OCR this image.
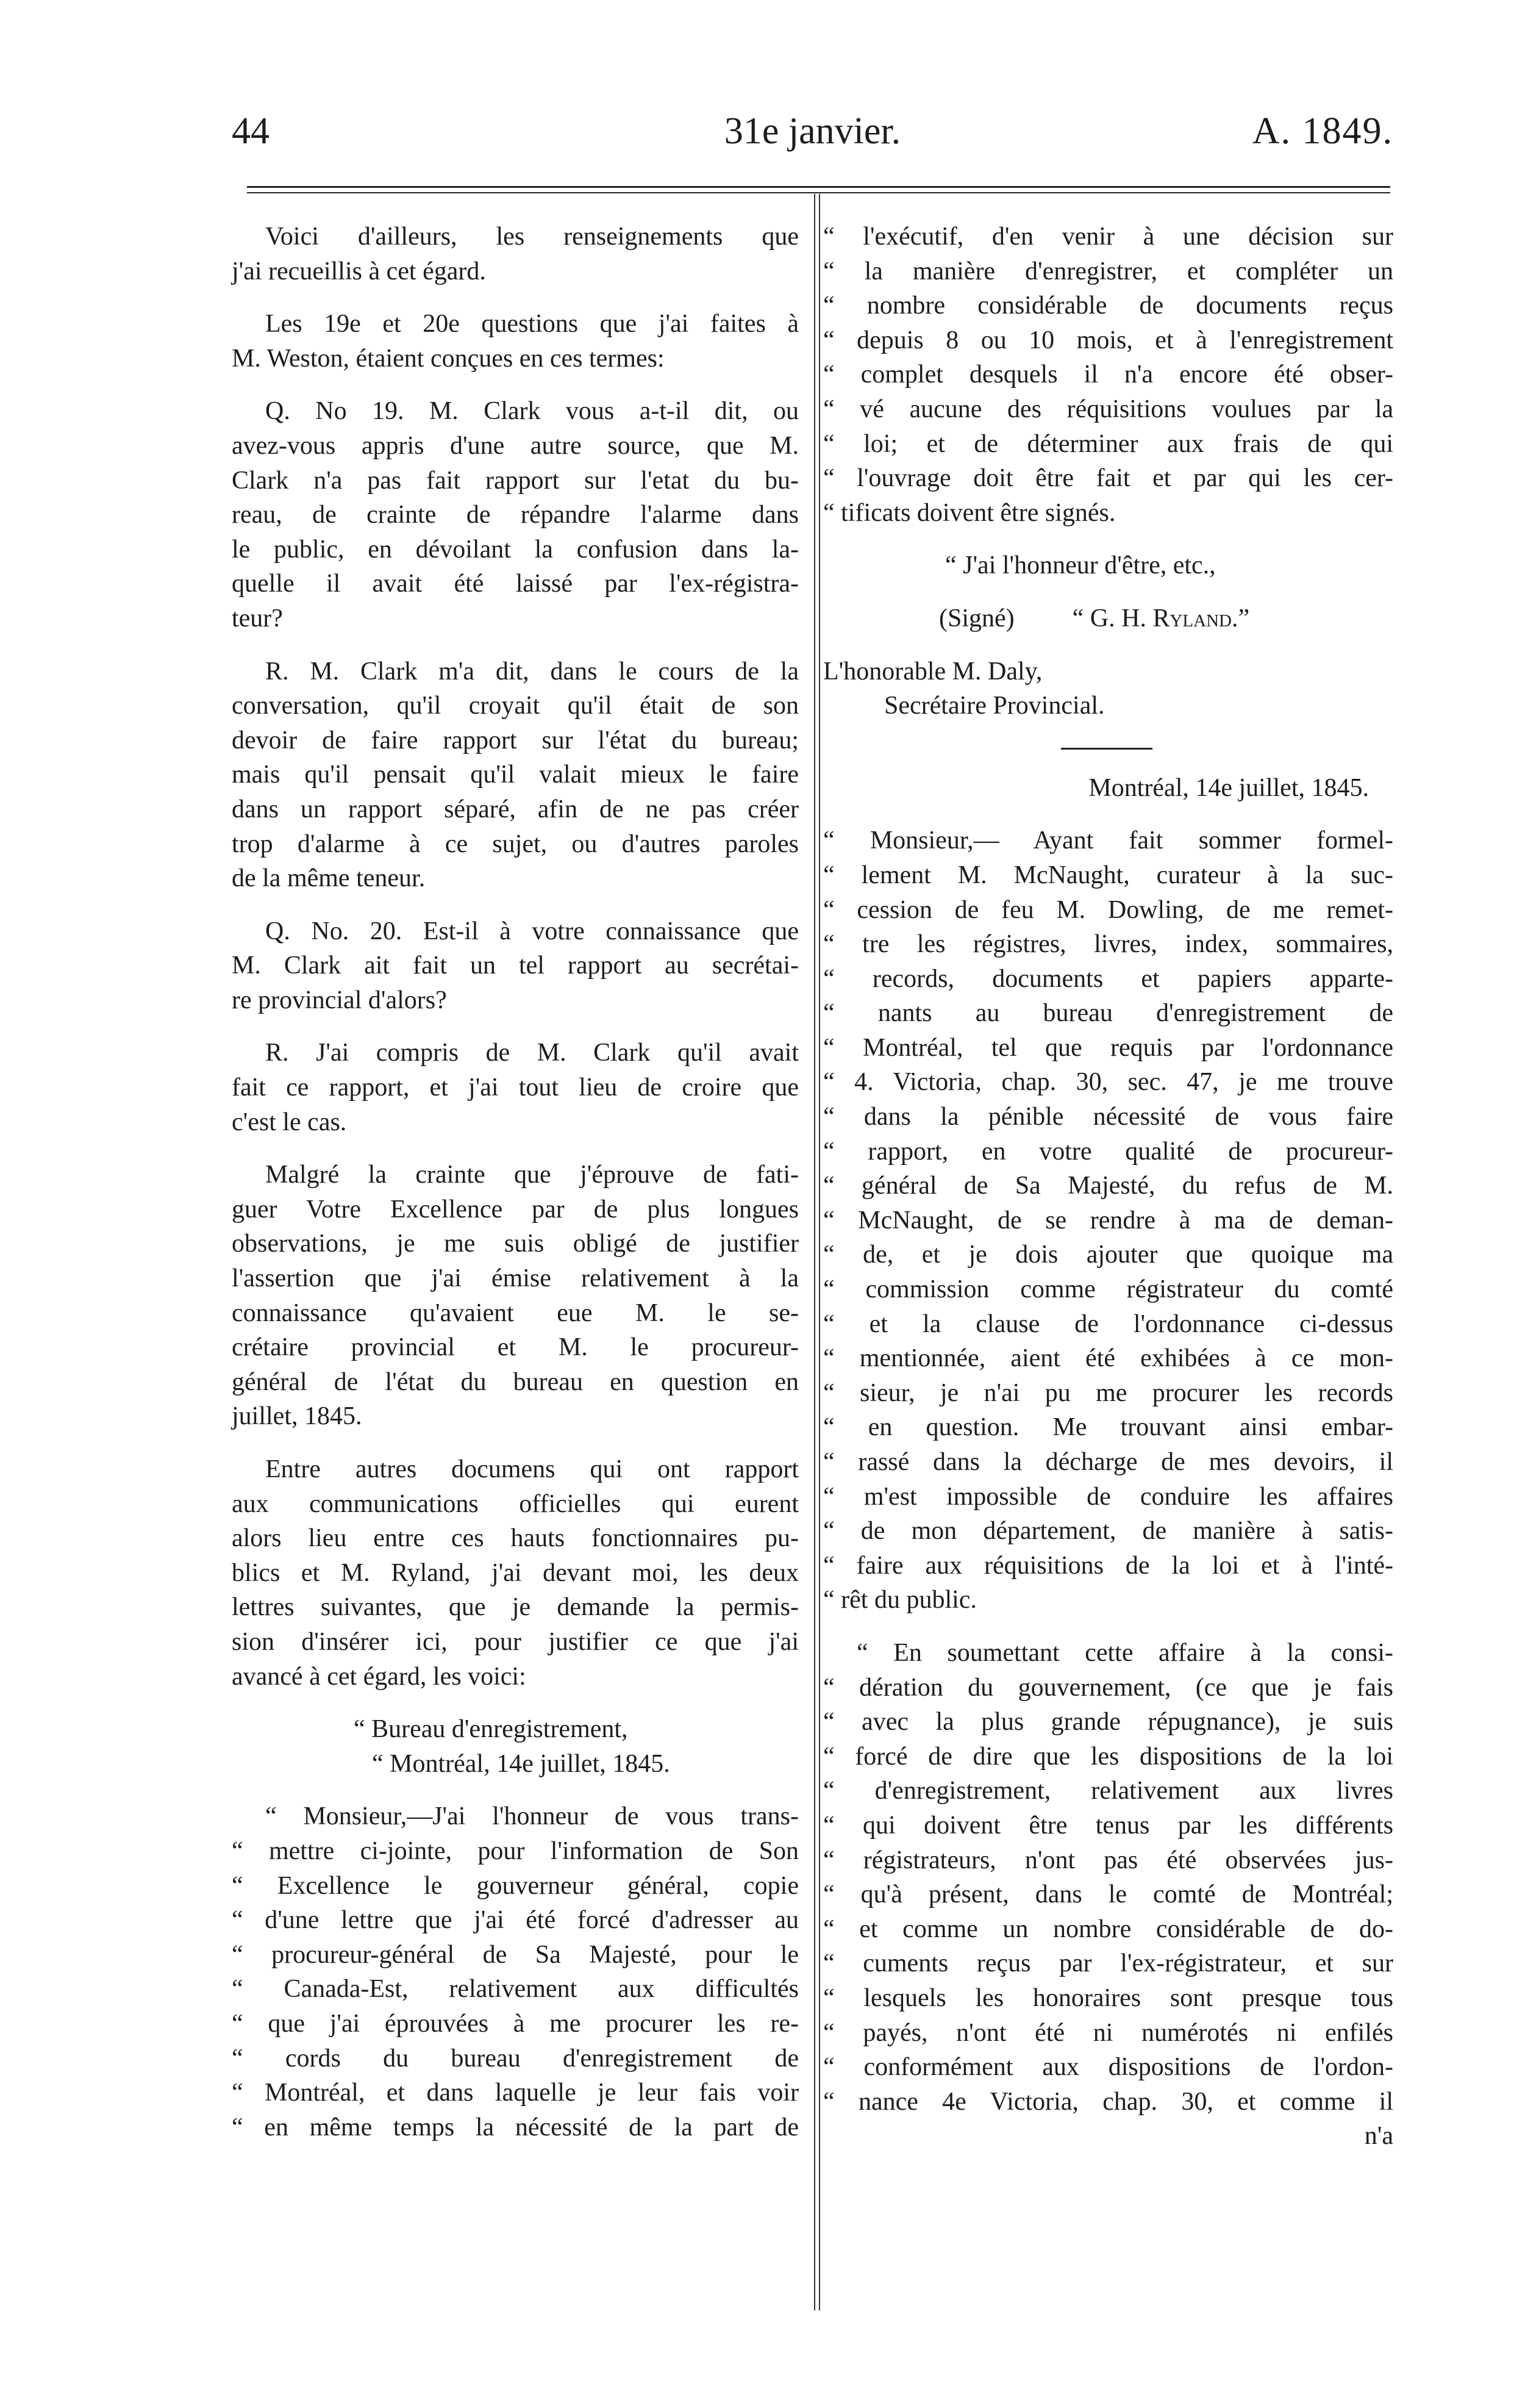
44	31e janvier.	A. 1849.
Voici d'ailleurs, les renseignements que
j'ai recueillis à cet égard.
Les 19e et 20e questions que j'ai faites à
M. Weston, étaient conçues en ces termes:
Q. No 19. M. Clark vous a-t-il dit, ou
avez-vous appris d'une autre source, que M.
Clark n'a pas fait rapport sur l'etat du bu-
reau, de crainte de répandre l'alarme dans
le public, en dévoilant la confusion dans la-
quelle il avait été laissé par l'ex-régistra-
teur?
R. M. Clark m'a dit, dans le cours de la
conversation, qu'il croyait qu'il était de son
devoir de faire rapport sur l'état du bureau;
mais qu'il pensait qu'il valait mieux le faire
dans un rapport séparé, afin de ne pas créer
trop d'alarme à ce sujet, ou d'autres paroles
de la même teneur.
Q. No. 20. Est-il à votre connaissance que
M. Clark ait fait un tel rapport au secrétai-
re provincial d'alors?
R. J'ai compris de M. Clark qu'il avait
fait ce rapport, et j'ai tout lieu de croire que
c'est le cas.
Malgré la crainte que j'éprouve de fati-
guer Votre Excellence par de plus longues
observations, je me suis obligé de justifier
l'assertion que j'ai émise relativement à la
connaissance qu'avaient eue M. le se-
crétaire provincial et M. le procureur-
général de l'état du bureau en question en
juillet, 1845.
Entre autres documens qui ont rapport
aux communications officielles qui eurent
alors lieu entre ces hauts fonctionnaires pu-
blics et M. Ryland, j'ai devant moi, les deux
lettres suivantes, que je demande la permis-
sion d'insérer ici, pour justifier ce que j'ai
avancé à cet égard, les voici:
“ Bureau d'enregistrement,
“ Montréal, 14e juillet, 1845.
“ Monsieur,—J'ai l'honneur de vous trans-
“ mettre ci-jointe, pour l'information de Son
“ Excellence le gouverneur général, copie
“ d'une lettre que j'ai été forcé d'adresser au
“ procureur-général de Sa Majesté, pour le
“ Canada-Est, relativement aux difficultés
“ que j'ai éprouvées à me procurer les re-
“ cords du bureau d'enregistrement de
“ Montréal, et dans laquelle je leur fais voir
“ en même temps la nécessité de la part de
“ l'exécutif, d'en venir à une décision sur
“ la manière d'enregistrer, et compléter un
“ nombre considérable de documents reçus
“ depuis 8 ou 10 mois, et à l'enregistrement
“ complet desquels il n'a encore été obser-
“ vé aucune des réquisitions voulues par la
“ loi; et de déterminer aux frais de qui
“ l'ouvrage doit être fait et par qui les cer-
“ tificats doivent être signés.
“ J'ai l'honneur d'être, etc.,
(Signé) “ G. H. Ryland.”
L'honorable M. Daly,
Secrétaire Provincial.
Montréal, 14e juillet, 1845.
“ Monsieur,— Ayant fait sommer formel-
“ lement M. McNaught, curateur à la suc-
“ cession de feu M. Dowling, de me remet-
“ tre les régistres, livres, index, sommaires,
“ records, documents et papiers apparte-
“ nants au bureau d'enregistrement de
“ Montréal, tel que requis par l'ordonnance
“ 4. Victoria, chap. 30, sec. 47, je me trouve
“ dans la pénible nécessité de vous faire
“ rapport, en votre qualité de procureur-
“ général de Sa Majesté, du refus de M.
“ McNaught, de se rendre à ma de deman-
“ de, et je dois ajouter que quoique ma
“ commission comme régistrateur du comté
“ et la clause de l'ordonnance ci-dessus
“ mentionnée, aient été exhibées à ce mon-
“ sieur, je n'ai pu me procurer les records
“ en question. Me trouvant ainsi embar-
“ rassé dans la décharge de mes devoirs, il
“ m'est impossible de conduire les affaires
“ de mon département, de manière à satis-
“ faire aux réquisitions de la loi et à l'inté-
“ rêt du public.
“ En soumettant cette affaire à la consi-
“ dération du gouvernement, (ce que je fais
“ avec la plus grande répugnance), je suis
“ forcé de dire que les dispositions de la loi
“ d'enregistrement, relativement aux livres
“ qui doivent être tenus par les différents
“ régistrateurs, n'ont pas été observées jus-
“ qu'à présent, dans le comté de Montréal;
“ et comme un nombre considérable de do-
“ cuments reçus par l'ex-régistrateur, et sur
“ lesquels les honoraires sont presque tous
“ payés, n'ont été ni numérotés ni enfilés
“ conformément aux dispositions de l'ordon-
“ nance 4e Victoria, chap. 30, et comme il
n'a
